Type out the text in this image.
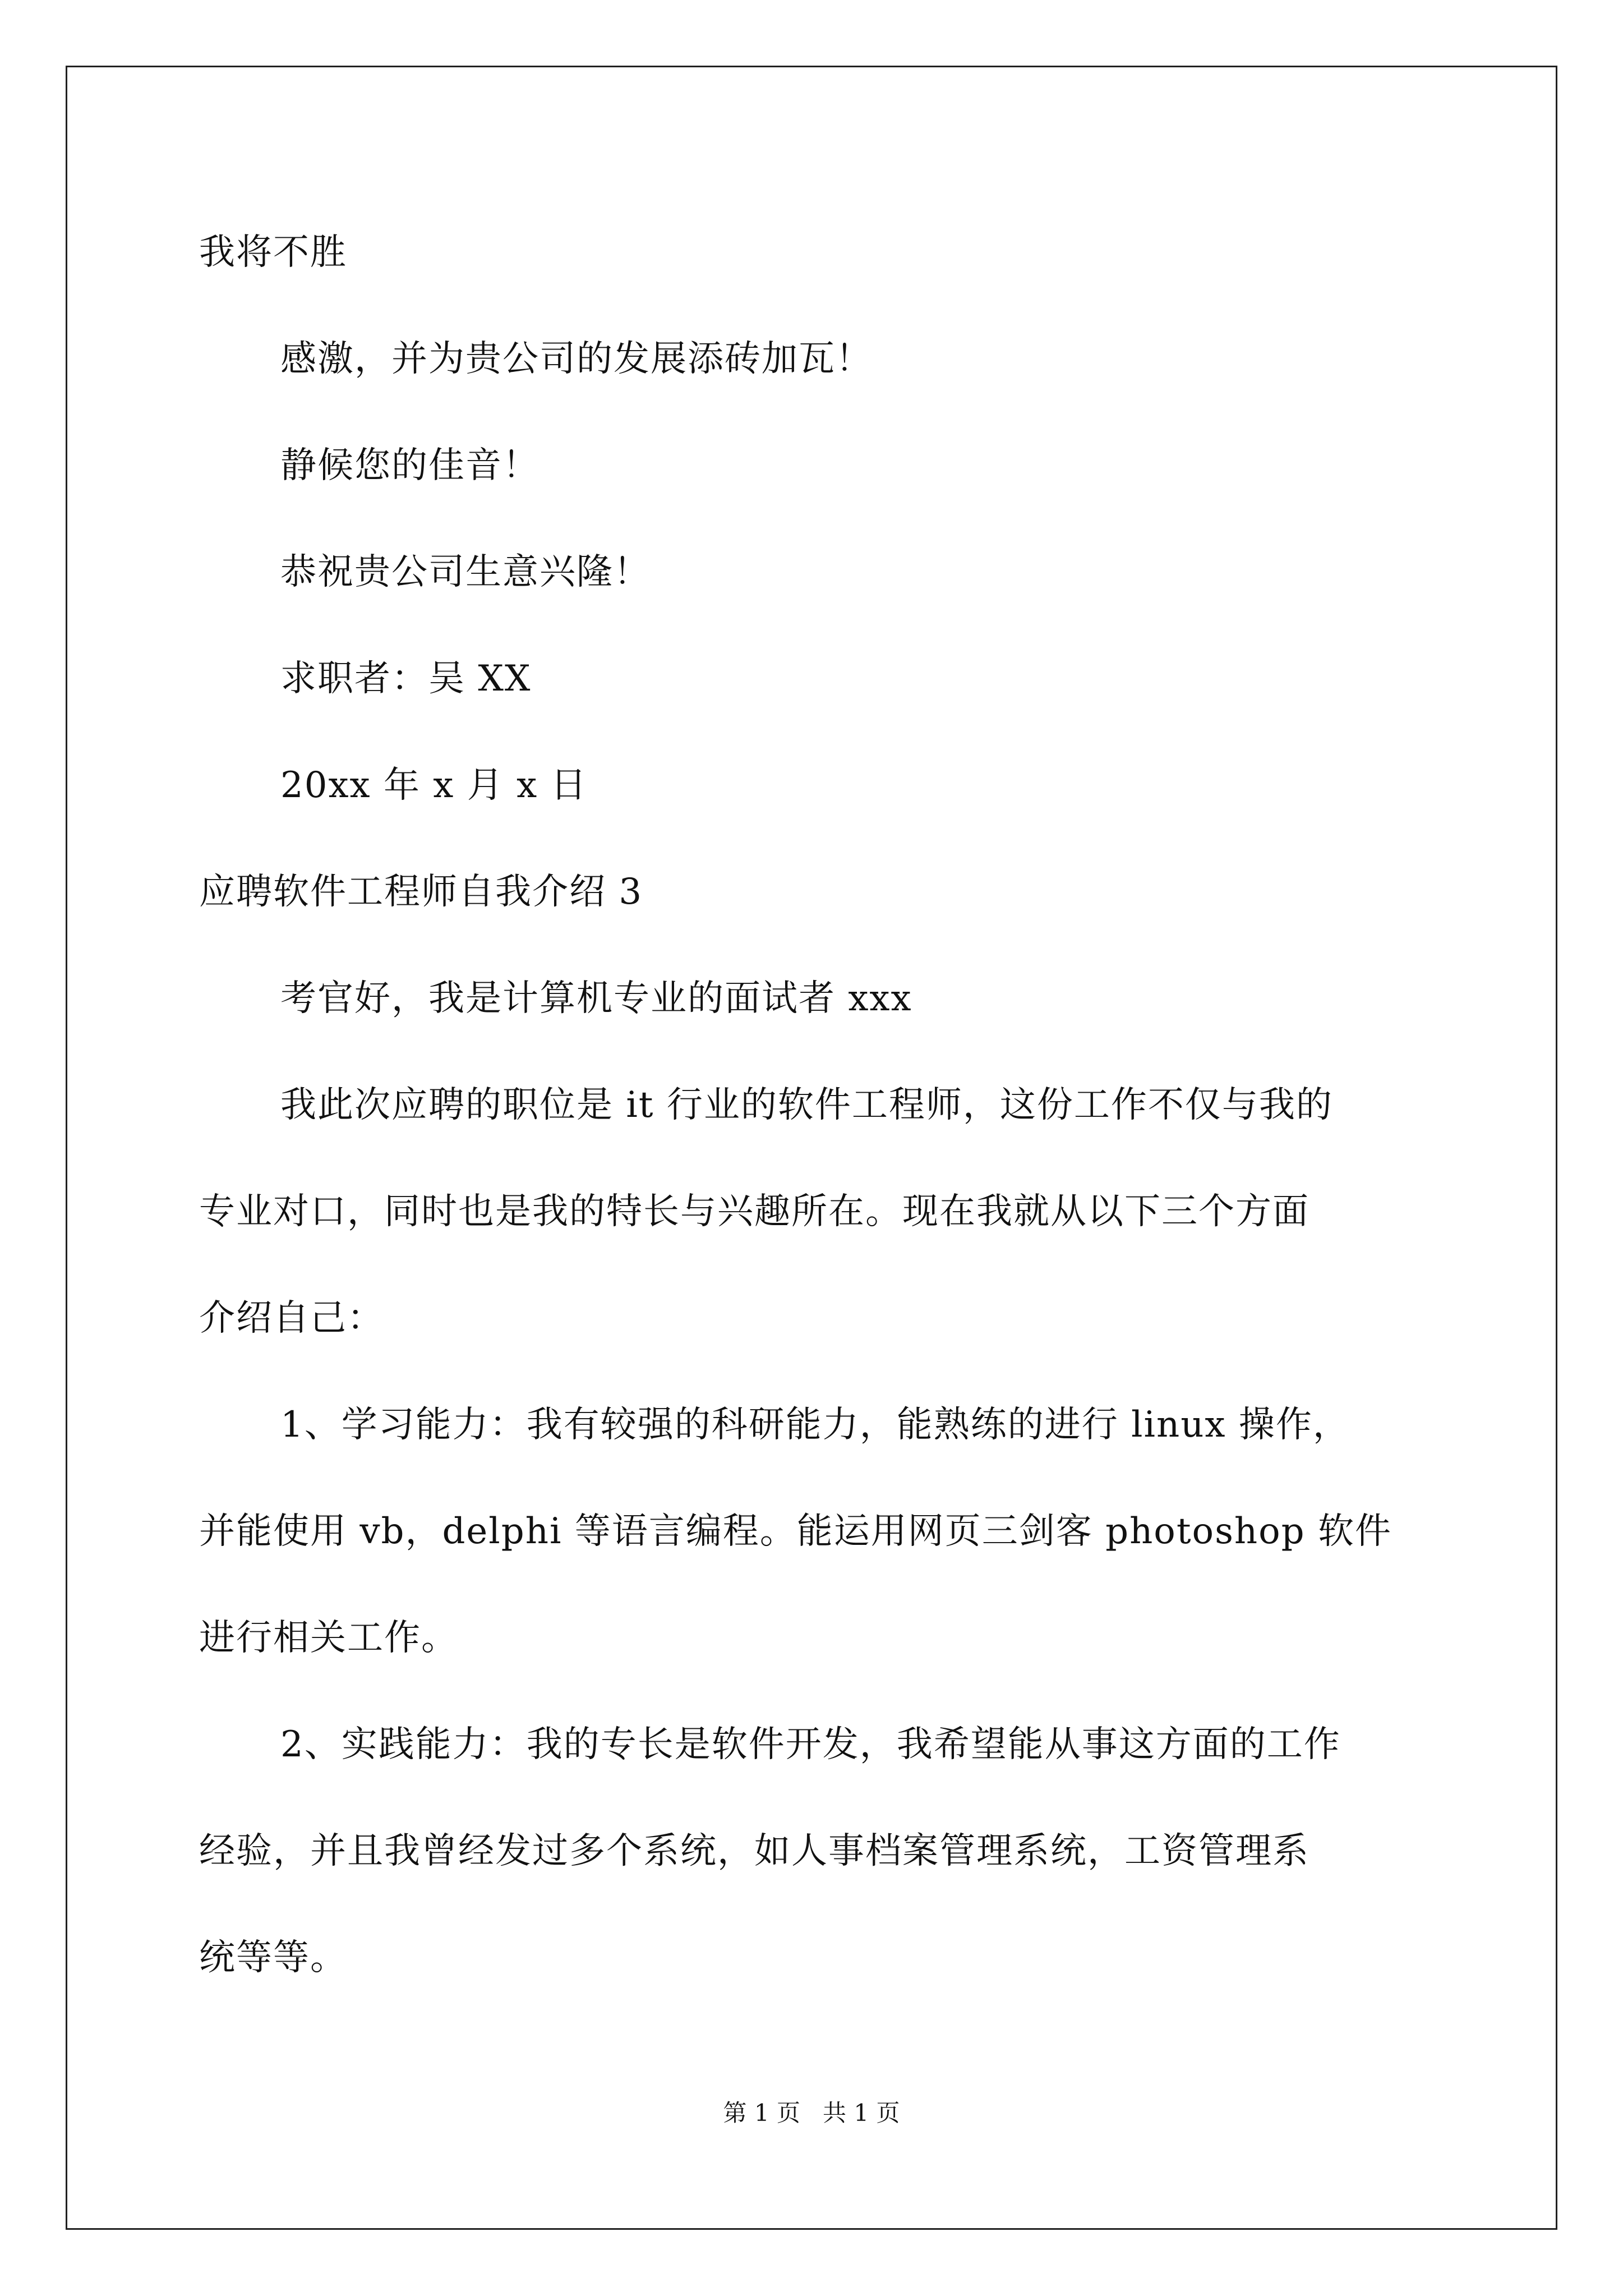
我将不胜

感激，并为贵公司的发展添砖加瓦！

静候您的佳音！

恭祝贵公司生意兴隆！

求职者：吴 XX

20xx 年 x 月 x 日

应聘软件工程师自我介绍 3

考官好，我是计算机专业的面试者 xxx

我此次应聘的职位是 it 行业的软件工程师，这份工作不仅与我的

专业对口，同时也是我的特长与兴趣所在。现在我就从以下三个方面

介绍自己：

1、学习能力：我有较强的科研能力，能熟练的进行 linux 操作，

并能使用 vb，delphi 等语言编程。能运用网页三剑客 photoshop 软件

进行相关工作。

2、实践能力：我的专长是软件开发，我希望能从事这方面的工作

经验，并且我曾经发过多个系统，如人事档案管理系统，工资管理系

统等等。

第 1 页   共 1 页
